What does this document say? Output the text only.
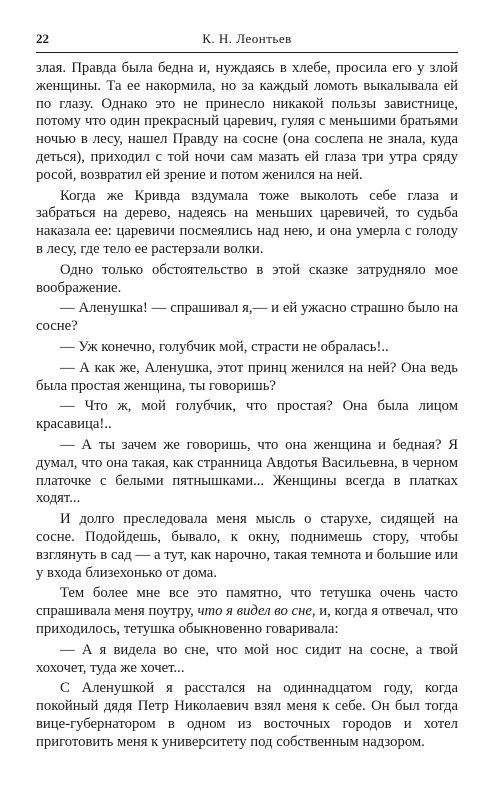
22	К. Н. Леонтьев

злая. Правда была бедна и, нуждаясь в хлебе, просила его у злой женщины. Та ее накормила, но за каждый ломоть выкалывала ей по глазу. Однако это не принесло никакой пользы завистнице, потому что один прекрасный царевич, гуляя с меньшими братьями ночью в лесу, нашел Правду на сосне (она сослепа не знала, куда деться), приходил с той ночи сам мазать ей глаза три утра сряду росой, возвратил ей зрение и потом женился на ней.

Когда же Кривда вздумала тоже выколоть себе глаза и забраться на дерево, надеясь на меньших царевичей, то судьба наказала ее: царевичи посмеялись над нею, и она умерла с голоду в лесу, где тело ее растерзали волки.

Одно только обстоятельство в этой сказке затрудняло мое воображение.

— Аленушка! — спрашивал я,— и ей ужасно страшно было на сосне?

— Уж конечно, голубчик мой, страсти не обралась!..

— А как же, Аленушка, этот принц женился на ней? Она ведь была простая женщина, ты говоришь?

— Что ж, мой голубчик, что простая? Она была лицом красавица!..

— А ты зачем же говоришь, что она женщина и бедная? Я думал, что она такая, как странница Авдотья Васильевна, в черном платочке с белыми пятнышками... Женщины всегда в платках ходят...

И долго преследовала меня мысль о старухе, сидящей на сосне. Подойдешь, бывало, к окну, поднимешь стору, чтобы взглянуть в сад — а тут, как нарочно, такая темнота и большие или у входа близехонько от дома.

Тем более мне все это памятно, что тетушка очень часто спрашивала меня поутру, что я видел во сне, и, когда я отвечал, что приходилось, тетушка обыкновенно говаривала:

— А я видела во сне, что мой нос сидит на сосне, а твой хохочет, туда же хочет...

С Аленушкой я расстался на одиннадцатом году, когда покойный дядя Петр Николаевич взял меня к себе. Он был тогда вице-губернатором в одном из восточных городов и хотел приготовить меня к университету под собственным надзором.
